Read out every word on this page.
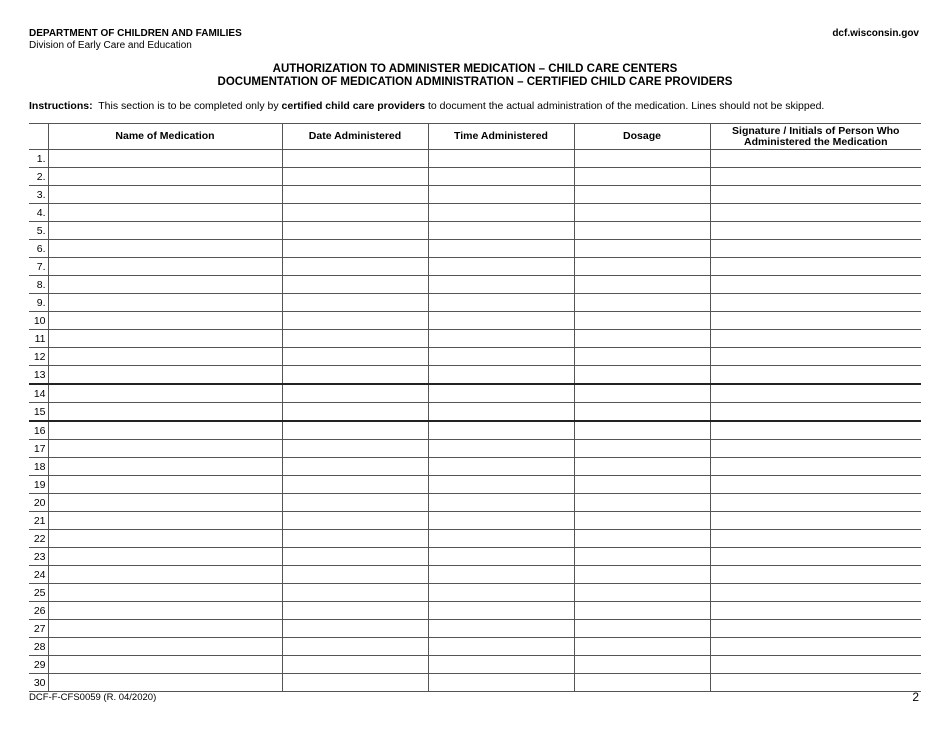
DEPARTMENT OF CHILDREN AND FAMILIES
Division of Early Care and Education
dcf.wisconsin.gov
AUTHORIZATION TO ADMINISTER MEDICATION – CHILD CARE CENTERS
DOCUMENTATION OF MEDICATION ADMINISTRATION – CERTIFIED CHILD CARE PROVIDERS
Instructions: This section is to be completed only by certified child care providers to document the actual administration of the medication. Lines should not be skipped.
	Name of Medication	Date Administered	Time Administered	Dosage	Signature / Initials of Person Who Administered the Medication
1.					
2.					
3.					
4.					
5.					
6.					
7.					
8.					
9.					
10					
11					
12					
13					
14					
15					
16					
17					
18					
19					
20					
21					
22					
23					
24					
25					
26					
27					
28					
29					
30					
DCF-F-CFS0059 (R. 04/2020)	2
